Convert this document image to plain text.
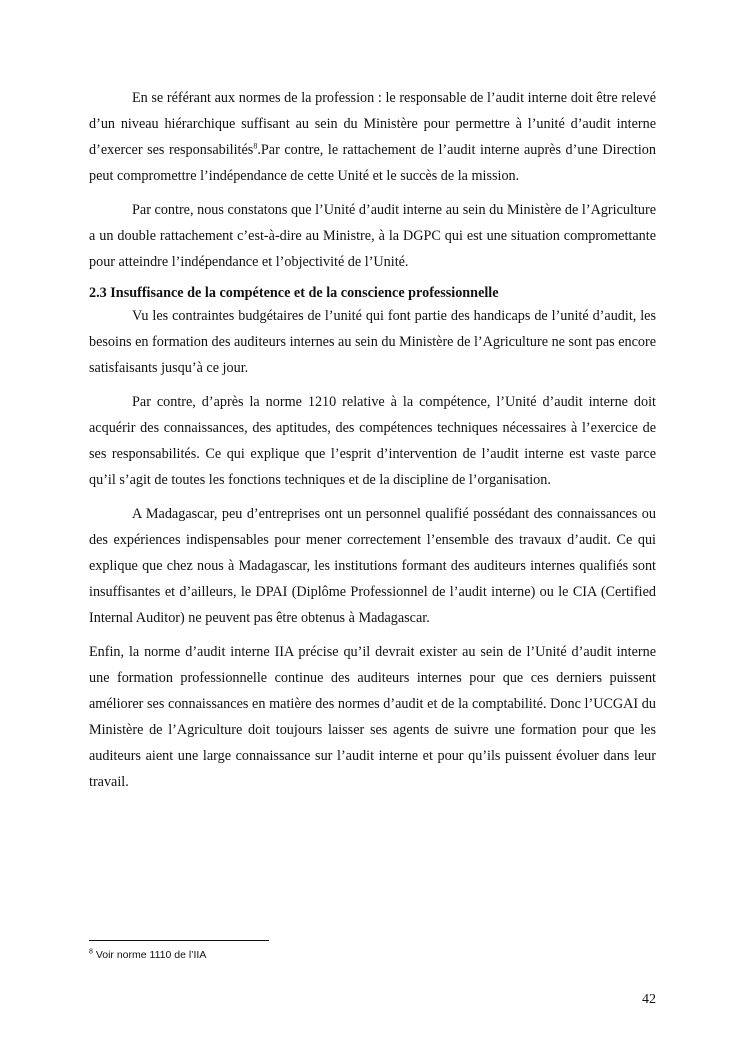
En se référant aux normes de la profession : le responsable de l’audit interne doit être relevé d’un niveau hiérarchique suffisant au sein du Ministère pour permettre à l’unité d’audit interne d’exercer ses responsabilités$^8$.Par contre, le rattachement de l’audit interne auprès d’une Direction peut compromettre l’indépendance de cette Unité et le succès de la mission.

Par contre, nous constatons que l’Unité d’audit interne au sein du Ministère de l’Agriculture a un double rattachement c’est-à-dire au Ministre, à la DGPC qui est une situation compromettante pour atteindre l’indépendance et l’objectivité de l’Unité.

2.3 Insuffisance de la compétence et de la conscience professionnelle

Vu les contraintes budgétaires de l’unité qui font partie des handicaps de l’unité d’audit, les besoins en formation des auditeurs internes au sein du Ministère de l’Agriculture ne sont pas encore satisfaisants jusqu’à ce jour.

Par contre, d’après la norme 1210 relative à la compétence, l’Unité d’audit interne doit acquérir des connaissances, des aptitudes, des compétences techniques nécessaires à l’exercice de ses responsabilités. Ce qui explique que l’esprit d’intervention de l’audit interne est vaste parce qu’il s’agit de toutes les fonctions techniques et de la discipline de l’organisation.

A Madagascar, peu d’entreprises ont un personnel qualifié possédant des connaissances ou des expériences indispensables pour mener correctement l’ensemble des travaux d’audit. Ce qui explique que chez nous à Madagascar, les institutions formant des auditeurs internes qualifiés sont insuffisantes et d’ailleurs, le DPAI (Diplôme Professionnel de l’audit interne) ou le CIA (Certified Internal Auditor) ne peuvent pas être obtenus à Madagascar.

Enfin, la norme d’audit interne IIA précise qu’il devrait exister au sein de l’Unité d’audit interne une formation professionnelle continue des auditeurs internes pour que ces derniers puissent améliorer ses connaissances en matière des normes d’audit et de la comptabilité. Donc l’UCGAI du Ministère de l’Agriculture doit toujours laisser ses agents de suivre une formation pour que les auditeurs aient une large connaissance sur l’audit interne et pour qu’ils puissent évoluer dans leur travail.

$^8$ Voir norme 1110 de l’IIA
42
